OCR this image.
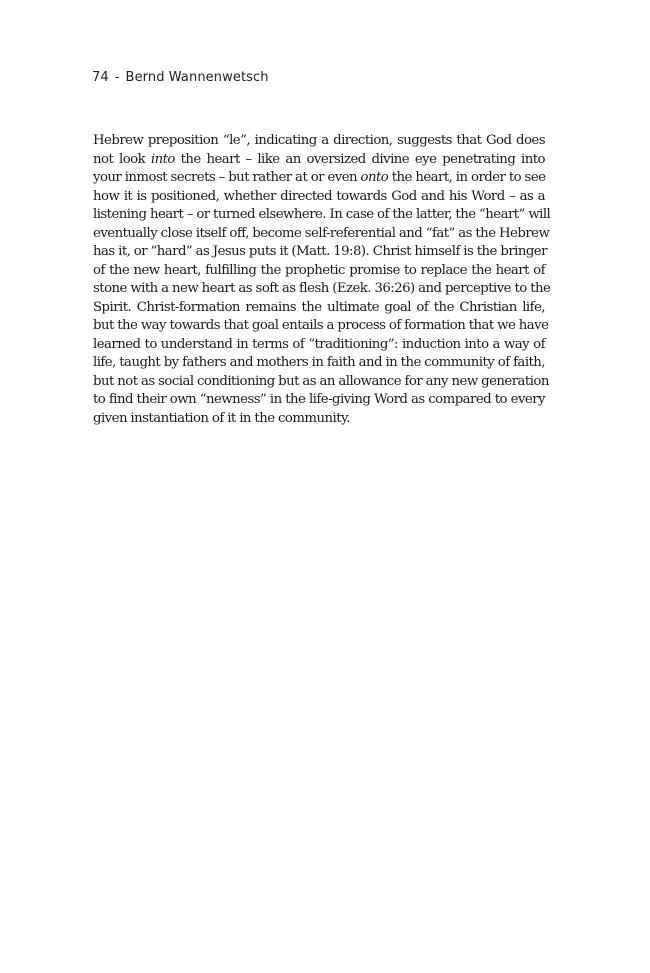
74 - Bernd Wannenwetsch

Hebrew preposition “le”, indicating a direction, suggests that God does
not look into the heart – like an oversized divine eye penetrating into
your inmost secrets – but rather at or even onto the heart, in order to see
how it is positioned, whether directed towards God and his Word – as a
listening heart – or turned elsewhere. In case of the latter, the “heart” will
eventually close itself off, become self-referential and “fat” as the Hebrew
has it, or “hard” as Jesus puts it (Matt. 19:8). Christ himself is the bringer
of the new heart, fulfilling the prophetic promise to replace the heart of
stone with a new heart as soft as flesh (Ezek. 36:26) and perceptive to the
Spirit. Christ-formation remains the ultimate goal of the Christian life,
but the way towards that goal entails a process of formation that we have
learned to understand in terms of “traditioning”: induction into a way of
life, taught by fathers and mothers in faith and in the community of faith,
but not as social conditioning but as an allowance for any new generation
to find their own “newness” in the life-giving Word as compared to every
given instantiation of it in the community.
